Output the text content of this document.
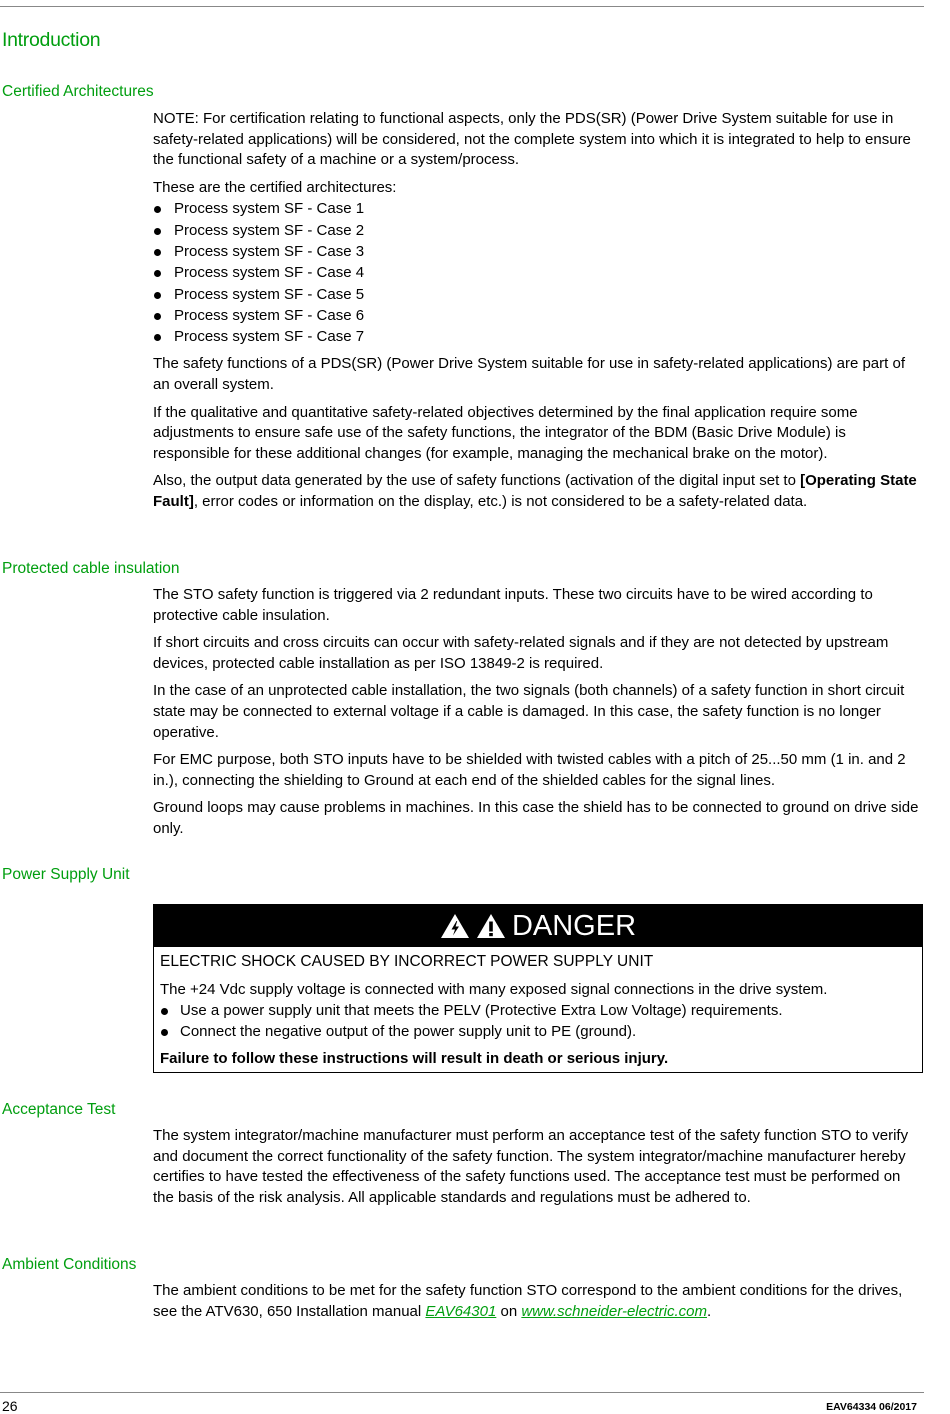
Introduction
Certified Architectures

NOTE: For certification relating to functional aspects, only the PDS(SR) (Power Drive System suitable for use in safety-related applications) will be considered, not the complete system into which it is integrated to help to ensure the functional safety of a machine or a system/process.

These are the certified architectures:

Process system SF - Case 1
Process system SF - Case 2
Process system SF - Case 3
Process system SF - Case 4
Process system SF - Case 5
Process system SF - Case 6
Process system SF - Case 7

The safety functions of a PDS(SR) (Power Drive System suitable for use in safety-related applications) are part of an overall system.

If the qualitative and quantitative safety-related objectives determined by the final application require some adjustments to ensure safe use of the safety functions, the integrator of the BDM (Basic Drive Module) is responsible for these additional changes (for example, managing the mechanical brake on the motor).

Also, the output data generated by the use of safety functions (activation of the digital input set to [Operating State Fault], error codes or information on the display, etc.) is not considered to be a safety-related data.

Protected cable insulation

The STO safety function is triggered via 2 redundant inputs. These two circuits have to be wired according to protective cable insulation.

If short circuits and cross circuits can occur with safety-related signals and if they are not detected by upstream devices, protected cable installation as per ISO 13849-2 is required.

In the case of an unprotected cable installation, the two signals (both channels) of a safety function in short circuit state may be connected to external voltage if a cable is damaged. In this case, the safety function is no longer operative.

For EMC purpose, both STO inputs have to be shielded with twisted cables with a pitch of 25...50 mm (1 in. and 2 in.), connecting the shielding to Ground at each end of the shielded cables for the signal lines.

Ground loops may cause problems in machines. In this case the shield has to be connected to ground on drive side only.

Power Supply Unit
DANGER

ELECTRIC SHOCK CAUSED BY INCORRECT POWER SUPPLY UNIT

The +24 Vdc supply voltage is connected with many exposed signal connections in the drive system.

Use a power supply unit that meets the PELV (Protective Extra Low Voltage) requirements.
Connect the negative output of the power supply unit to PE (ground).

Failure to follow these instructions will result in death or serious injury.

Acceptance Test

The system integrator/machine manufacturer must perform an acceptance test of the safety function STO to verify and document the correct functionality of the safety function. The system integrator/machine manufacturer hereby certifies to have tested the effectiveness of the safety functions used. The acceptance test must be performed on the basis of the risk analysis. All applicable standards and regulations must be adhered to.

Ambient Conditions

The ambient conditions to be met for the safety function STO correspond to the ambient conditions for the drives, see the ATV630, 650 Installation manual EAV64301 on www.schneider-electric.com.

26	EAV64334 06/2017
